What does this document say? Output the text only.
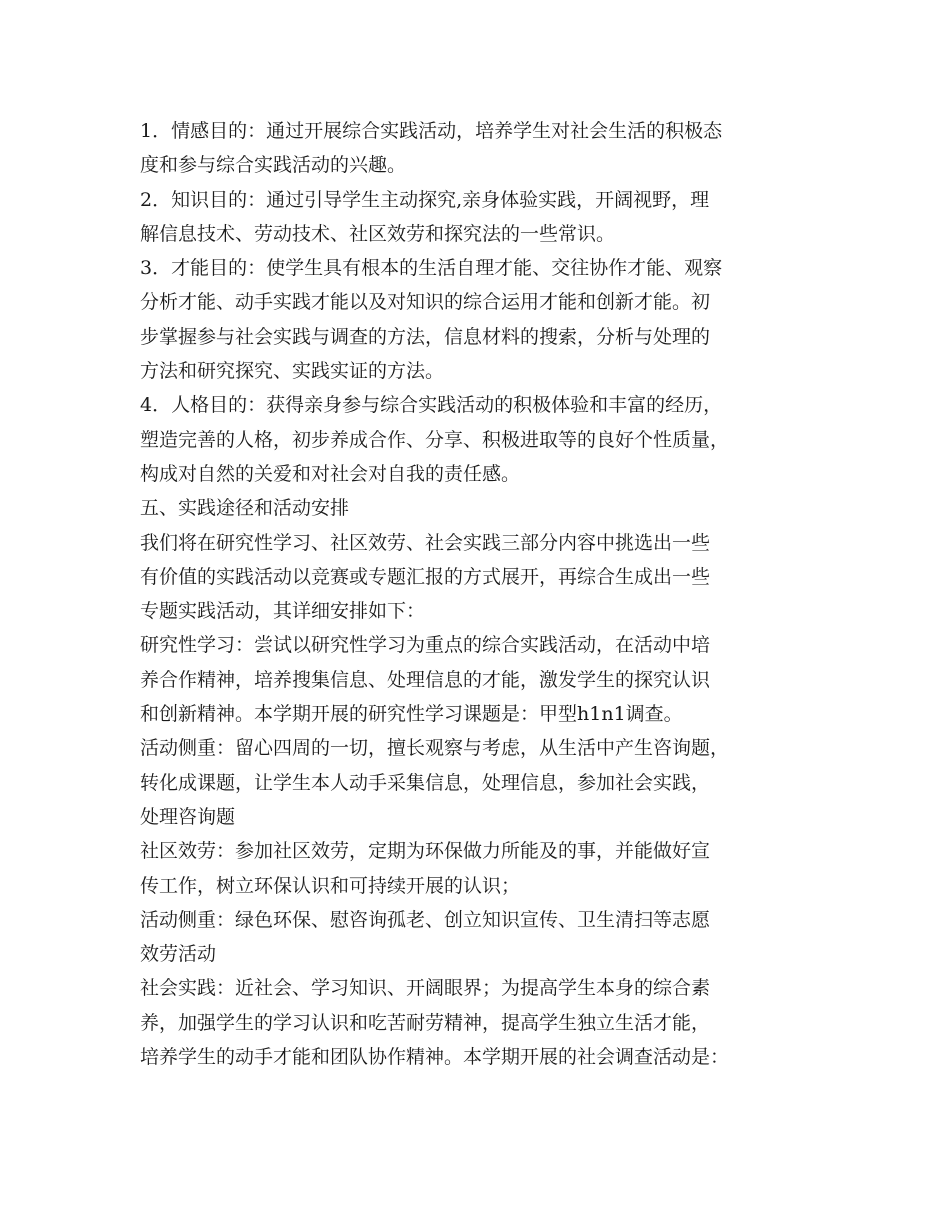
1．情感目的：通过开展综合实践活动，培养学生对社会生活的积极态
度和参与综合实践活动的兴趣。
2．知识目的：通过引导学生主动探究,亲身体验实践，开阔视野，理
解信息技术、劳动技术、社区效劳和探究法的一些常识。
3．才能目的：使学生具有根本的生活自理才能、交往协作才能、观察
分析才能、动手实践才能以及对知识的综合运用才能和创新才能。初
步掌握参与社会实践与调查的方法，信息材料的搜索，分析与处理的
方法和研究探究、实践实证的方法。
4．人格目的：获得亲身参与综合实践活动的积极体验和丰富的经历，
塑造完善的人格，初步养成合作、分享、积极进取等的良好个性质量，
构成对自然的关爱和对社会对自我的责任感。
五、实践途径和活动安排
我们将在研究性学习、社区效劳、社会实践三部分内容中挑选出一些
有价值的实践活动以竞赛或专题汇报的方式展开，再综合生成出一些
专题实践活动，其详细安排如下：
研究性学习：尝试以研究性学习为重点的综合实践活动，在活动中培
养合作精神，培养搜集信息、处理信息的才能，激发学生的探究认识
和创新精神。本学期开展的研究性学习课题是：甲型h1n1调查。
活动侧重：留心四周的一切，擅长观察与考虑，从生活中产生咨询题，
转化成课题，让学生本人动手采集信息，处理信息，参加社会实践，
处理咨询题
社区效劳：参加社区效劳，定期为环保做力所能及的事，并能做好宣
传工作，树立环保认识和可持续开展的认识；
活动侧重：绿色环保、慰咨询孤老、创立知识宣传、卫生清扫等志愿
效劳活动
社会实践：近社会、学习知识、开阔眼界；为提高学生本身的综合素
养，加强学生的学习认识和吃苦耐劳精神，提高学生独立生活才能，
培养学生的动手才能和团队协作精神。本学期开展的社会调查活动是：
